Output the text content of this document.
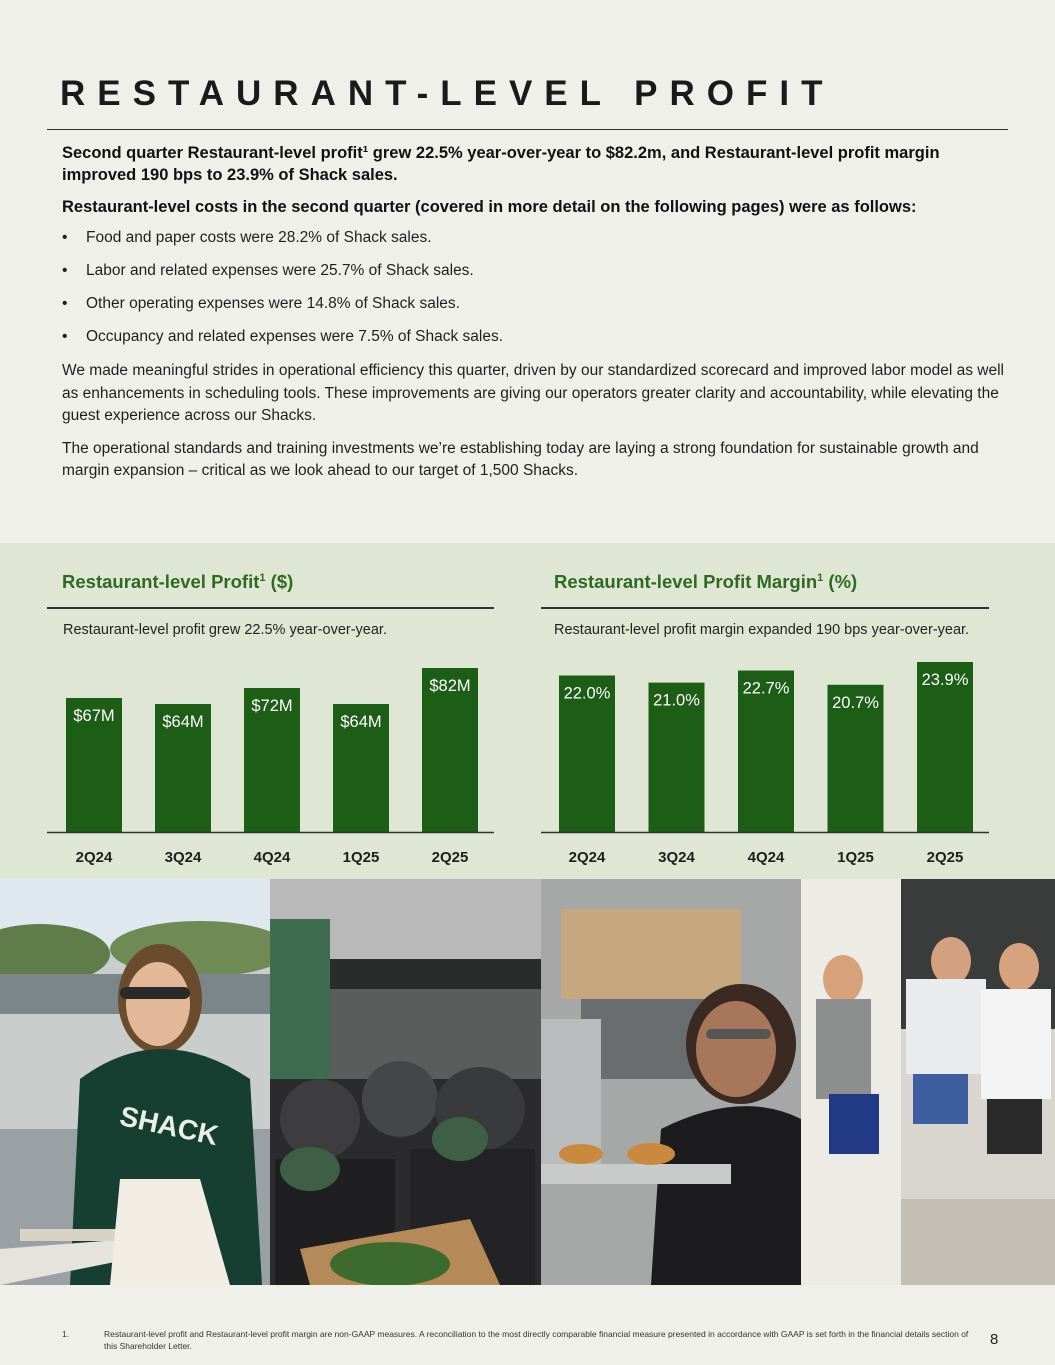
RESTAURANT-LEVEL PROFIT

Second quarter Restaurant-level profit¹ grew 22.5% year-over-year to $82.2m, and Restaurant-level profit margin improved 190 bps to 23.9% of Shack sales.

Restaurant-level costs in the second quarter (covered in more detail on the following pages) were as follows:

• Food and paper costs were 28.2% of Shack sales.
• Labor and related expenses were 25.7% of Shack sales.
• Other operating expenses were 14.8% of Shack sales.
• Occupancy and related expenses were 7.5% of Shack sales.

We made meaningful strides in operational efficiency this quarter, driven by our standardized scorecard and improved labor model as well as enhancements in scheduling tools. These improvements are giving our operators greater clarity and accountability, while elevating the guest experience across our Shacks.

The operational standards and training investments we’re establishing today are laying a strong foundation for sustainable growth and margin expansion – critical as we look ahead to our target of 1,500 Shacks.

Restaurant-level Profit$^1$ ($)
Restaurant-level profit grew 22.5% year-over-year.
$67M
2Q24
$64M
3Q24
$72M
4Q24
$64M
1Q25
$82M
2Q25
Restaurant-level Profit Margin$^1$ (%)
Restaurant-level profit margin expanded 190 bps year-over-year.
22.0%
2Q24
21.0%
3Q24
22.7%
4Q24
20.7%
1Q25
23.9%
2Q25
SHACK
1.	Restaurant-level profit and Restaurant-level profit margin are non-GAAP measures. A reconciliation to the most directly comparable financial measure presented in accordance with GAAP is set forth in the financial details section of this Shareholder Letter.	8
